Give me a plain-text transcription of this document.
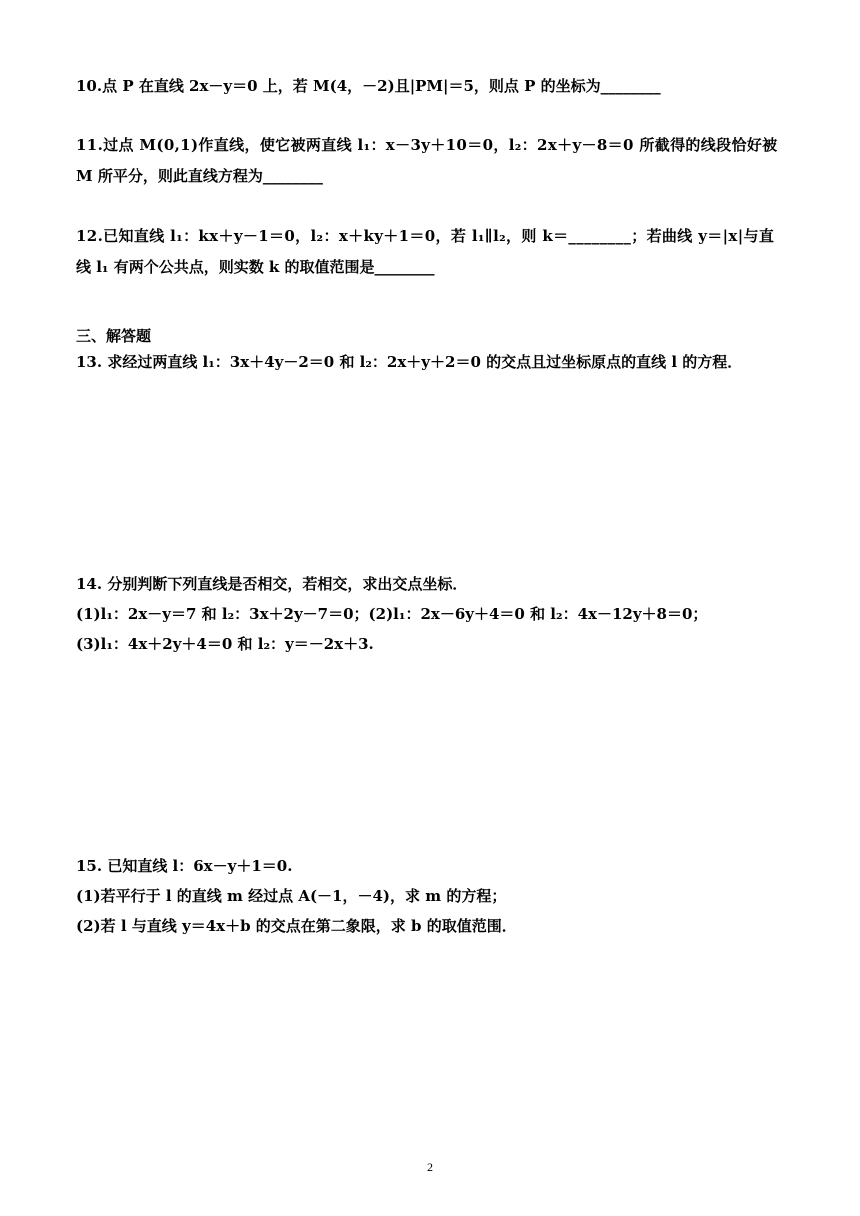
10.点 P 在直线 2x－y＝0 上，若 M(4，－2)且|PM|＝5，则点 P 的坐标为________
11.过点 M(0,1)作直线，使它被两直线 l₁：x－3y＋10＝0，l₂：2x＋y－8＝0 所截得的线段恰好被
M 所平分，则此直线方程为________
12.已知直线 l₁：kx＋y－1＝0，l₂：x＋ky＋1＝0，若 l₁∥l₂，则 k＝________；若曲线 y＝|x|与直
线 l₁ 有两个公共点，则实数 k 的取值范围是________
三、解答题
13. 求经过两直线 l₁：3x＋4y－2＝0 和 l₂：2x＋y＋2＝0 的交点且过坐标原点的直线 l 的方程．
14. 分别判断下列直线是否相交，若相交，求出交点坐标．
(1)l₁：2x－y＝7 和 l₂：3x＋2y－7＝0；(2)l₁：2x－6y＋4＝0 和 l₂：4x－12y＋8＝0；
(3)l₁：4x＋2y＋4＝0 和 l₂：y＝－2x＋3.
15. 已知直线 l：6x－y＋1＝0.
(1)若平行于 l 的直线 m 经过点 A(－1，－4)，求 m 的方程；
(2)若 l 与直线 y＝4x＋b 的交点在第二象限，求 b 的取值范围．
2
